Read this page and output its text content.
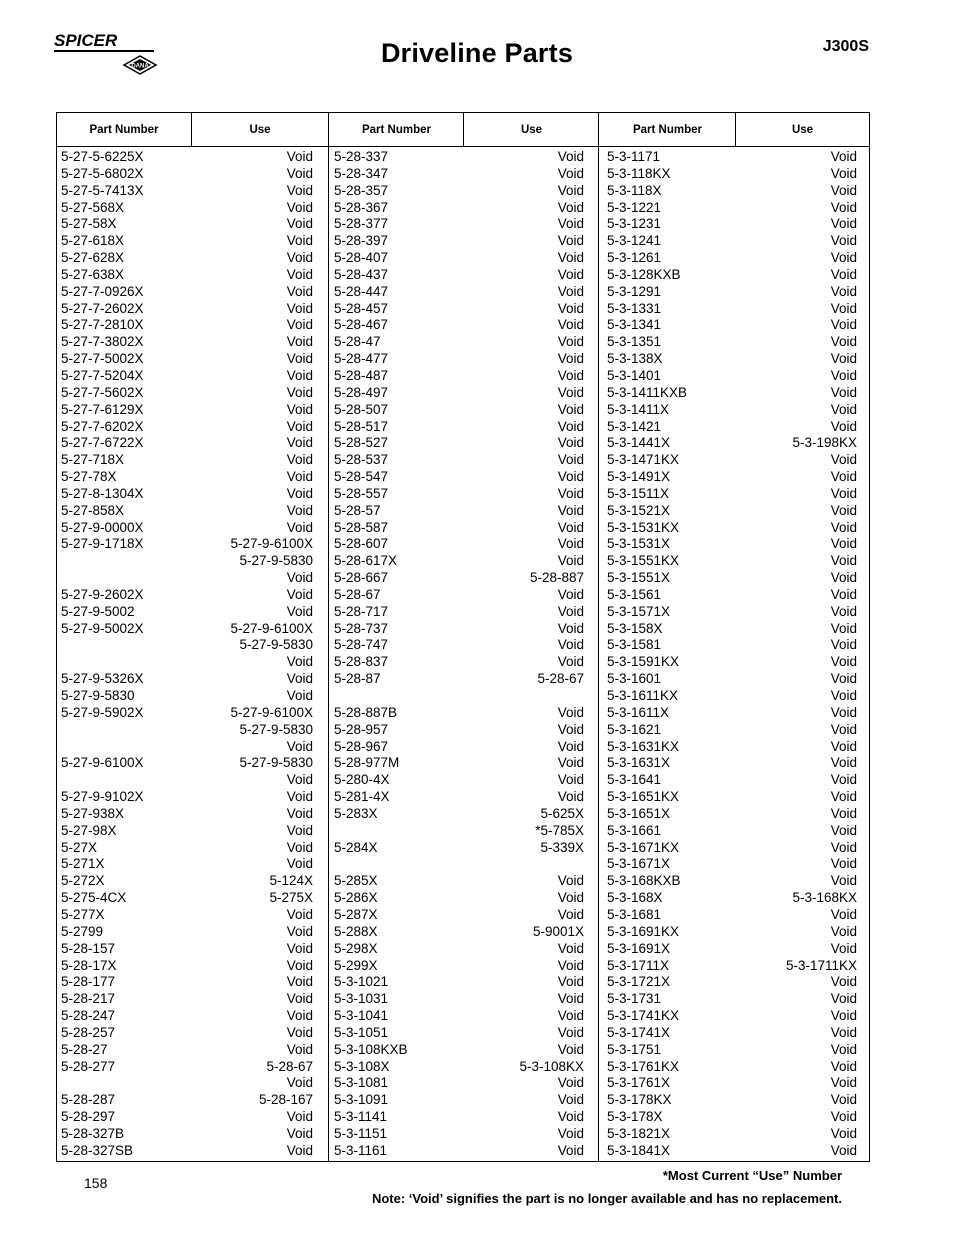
SPICER
DANA	Driveline Parts	J300S
Part Number	Use	Part Number	Use	Part Number	Use
5-27-5-6225X	Void
5-27-5-6802X	Void
5-27-5-7413X	Void
5-27-568X	Void
5-27-58X	Void
5-27-618X	Void
5-27-628X	Void
5-27-638X	Void
5-27-7-0926X	Void
5-27-7-2602X	Void
5-27-7-2810X	Void
5-27-7-3802X	Void
5-27-7-5002X	Void
5-27-7-5204X	Void
5-27-7-5602X	Void
5-27-7-6129X	Void
5-27-7-6202X	Void
5-27-7-6722X	Void
5-27-718X	Void
5-27-78X	Void
5-27-8-1304X	Void
5-27-858X	Void
5-27-9-0000X	Void
5-27-9-1718X	5-27-9-6100X
5-27-9-5830
Void
5-27-9-2602X	Void
5-27-9-5002	Void
5-27-9-5002X	5-27-9-6100X
5-27-9-5830
Void
5-27-9-5326X	Void
5-27-9-5830	Void
5-27-9-5902X	5-27-9-6100X
5-27-9-5830
Void
5-27-9-6100X	5-27-9-5830
Void
5-27-9-9102X	Void
5-27-938X	Void
5-27-98X	Void
5-27X	Void
5-271X	Void
5-272X	5-124X
5-275-4CX	5-275X
5-277X	Void
5-2799	Void
5-28-157	Void
5-28-17X	Void
5-28-177	Void
5-28-217	Void
5-28-247	Void
5-28-257	Void
5-28-27	Void
5-28-277	5-28-67
Void
5-28-287	5-28-167
5-28-297	Void
5-28-327B	Void
5-28-327SB	Void
5-28-337	Void
5-28-347	Void
5-28-357	Void
5-28-367	Void
5-28-377	Void
5-28-397	Void
5-28-407	Void
5-28-437	Void
5-28-447	Void
5-28-457	Void
5-28-467	Void
5-28-47	Void
5-28-477	Void
5-28-487	Void
5-28-497	Void
5-28-507	Void
5-28-517	Void
5-28-527	Void
5-28-537	Void
5-28-547	Void
5-28-557	Void
5-28-57	Void
5-28-587	Void
5-28-607	Void
5-28-617X	Void
5-28-667	5-28-887
5-28-67	Void
5-28-717	Void
5-28-737	Void
5-28-747	Void
5-28-837	Void
5-28-87	5-28-67
5-28-887B	Void
5-28-957	Void
5-28-967	Void
5-28-977M	Void
5-280-4X	Void
5-281-4X	Void
5-283X	5-625X
*5-785X
5-284X	5-339X
5-285X	Void
5-286X	Void
5-287X	Void
5-288X	5-9001X
5-298X	Void
5-299X	Void
5-3-1021	Void
5-3-1031	Void
5-3-1041	Void
5-3-1051	Void
5-3-108KXB	Void
5-3-108X	5-3-108KX
5-3-1081	Void
5-3-1091	Void
5-3-1141	Void
5-3-1151	Void
5-3-1161	Void
5-3-1171	Void
5-3-118KX	Void
5-3-118X	Void
5-3-1221	Void
5-3-1231	Void
5-3-1241	Void
5-3-1261	Void
5-3-128KXB	Void
5-3-1291	Void
5-3-1331	Void
5-3-1341	Void
5-3-1351	Void
5-3-138X	Void
5-3-1401	Void
5-3-1411KXB	Void
5-3-1411X	Void
5-3-1421	Void
5-3-1441X	5-3-198KX
5-3-1471KX	Void
5-3-1491X	Void
5-3-1511X	Void
5-3-1521X	Void
5-3-1531KX	Void
5-3-1531X	Void
5-3-1551KX	Void
5-3-1551X	Void
5-3-1561	Void
5-3-1571X	Void
5-3-158X	Void
5-3-1581	Void
5-3-1591KX	Void
5-3-1601	Void
5-3-1611KX	Void
5-3-1611X	Void
5-3-1621	Void
5-3-1631KX	Void
5-3-1631X	Void
5-3-1641	Void
5-3-1651KX	Void
5-3-1651X	Void
5-3-1661	Void
5-3-1671KX	Void
5-3-1671X	Void
5-3-168KXB	Void
5-3-168X	5-3-168KX
5-3-1681	Void
5-3-1691KX	Void
5-3-1691X	Void
5-3-1711X	5-3-1711KX
5-3-1721X	Void
5-3-1731	Void
5-3-1741KX	Void
5-3-1741X	Void
5-3-1751	Void
5-3-1761KX	Void
5-3-1761X	Void
5-3-178KX	Void
5-3-178X	Void
5-3-1821X	Void
5-3-1841X	Void
158	*Most Current “Use” Number
Note: ‘Void’ signifies the part is no longer available and has no replacement.
